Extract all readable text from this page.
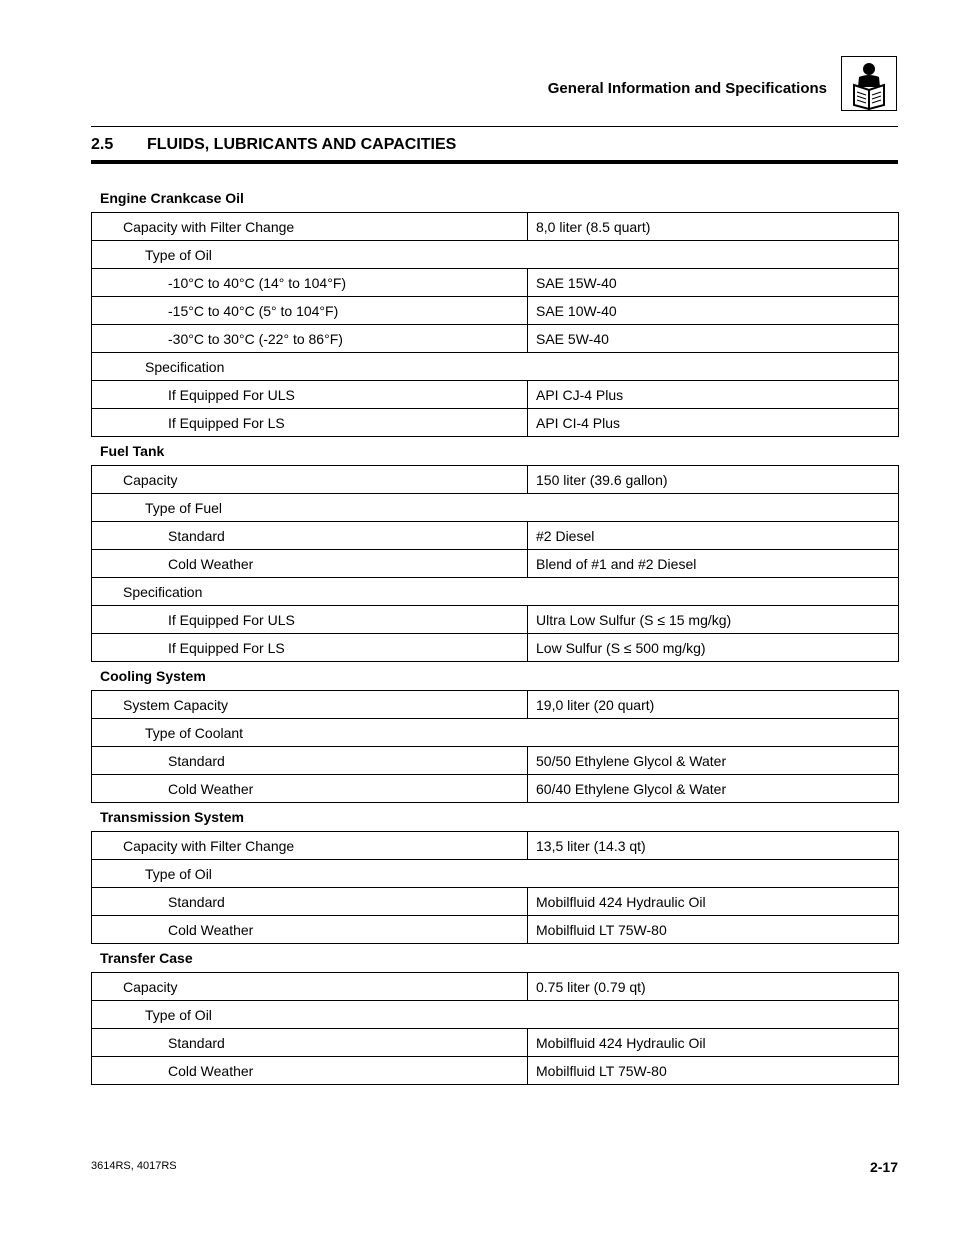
General Information and Specifications
2.5 FLUIDS, LUBRICANTS AND CAPACITIES
Engine Crankcase Oil
Capacity with Filter Change	8,0 liter (8.5 quart)
Type of Oil	
-10°C to 40°C (14° to 104°F)	SAE 15W-40
-15°C to 40°C (5° to 104°F)	SAE 10W-40
-30°C to 30°C (-22° to 86°F)	SAE 5W-40
Specification	
If Equipped For ULS	API CJ-4 Plus
If Equipped For LS	API CI-4 Plus
Fuel Tank
Capacity	150 liter (39.6 gallon)
Type of Fuel	
Standard	#2 Diesel
Cold Weather	Blend of #1 and #2 Diesel
Specification	
If Equipped For ULS	Ultra Low Sulfur (S ≤ 15 mg/kg)
If Equipped For LS	Low Sulfur (S ≤ 500 mg/kg)
Cooling System
System Capacity	19,0 liter (20 quart)
Type of Coolant	
Standard	50/50 Ethylene Glycol & Water
Cold Weather	60/40 Ethylene Glycol & Water
Transmission System
Capacity with Filter Change	13,5 liter (14.3 qt)
Type of Oil	
Standard	Mobilfluid 424 Hydraulic Oil
Cold Weather	Mobilfluid LT 75W-80
Transfer Case
Capacity	0.75 liter (0.79 qt)
Type of Oil	
Standard	Mobilfluid 424 Hydraulic Oil
Cold Weather	Mobilfluid LT 75W-80
3614RS, 4017RS	2-17
